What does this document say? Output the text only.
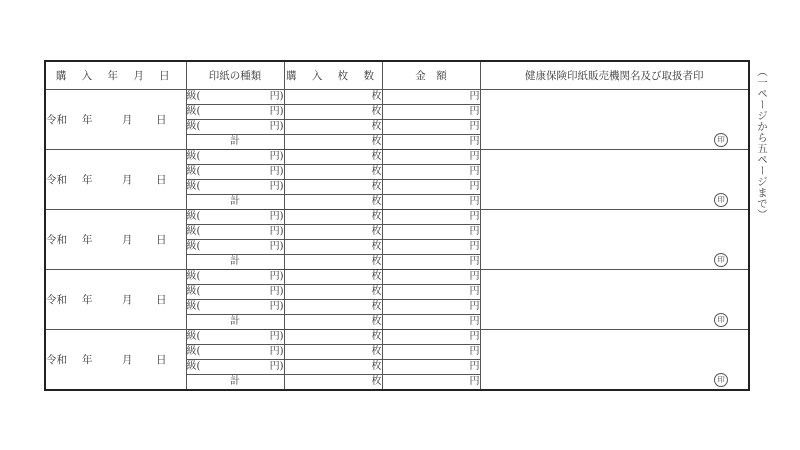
購 入 年 月 日	印紙の種類	購 入 枚 数	金　額	健康保険印紙販売機関名及び取扱者印
令和 年 月 日	級( 円)	枚	円	印

	級( 円)	枚	円	

	級( 円)	枚	円	
	計	枚	円	
令和 年 月 日	級( 円)	枚	円	印

	級( 円)	枚	円	

	級( 円)	枚	円	
	計	枚	円	
令和 年 月 日	級( 円)	枚	円	印

	級( 円)	枚	円	

	級( 円)	枚	円	
	計	枚	円	
令和 年 月 日	級( 円)	枚	円	印

	級( 円)	枚	円	

	級( 円)	枚	円	
	計	枚	円	
令和 年 月 日	級( 円)	枚	円	印

	級( 円)	枚	円	

	級( 円)	枚	円	
	計	枚	円	
（一ページから五ページまで）
